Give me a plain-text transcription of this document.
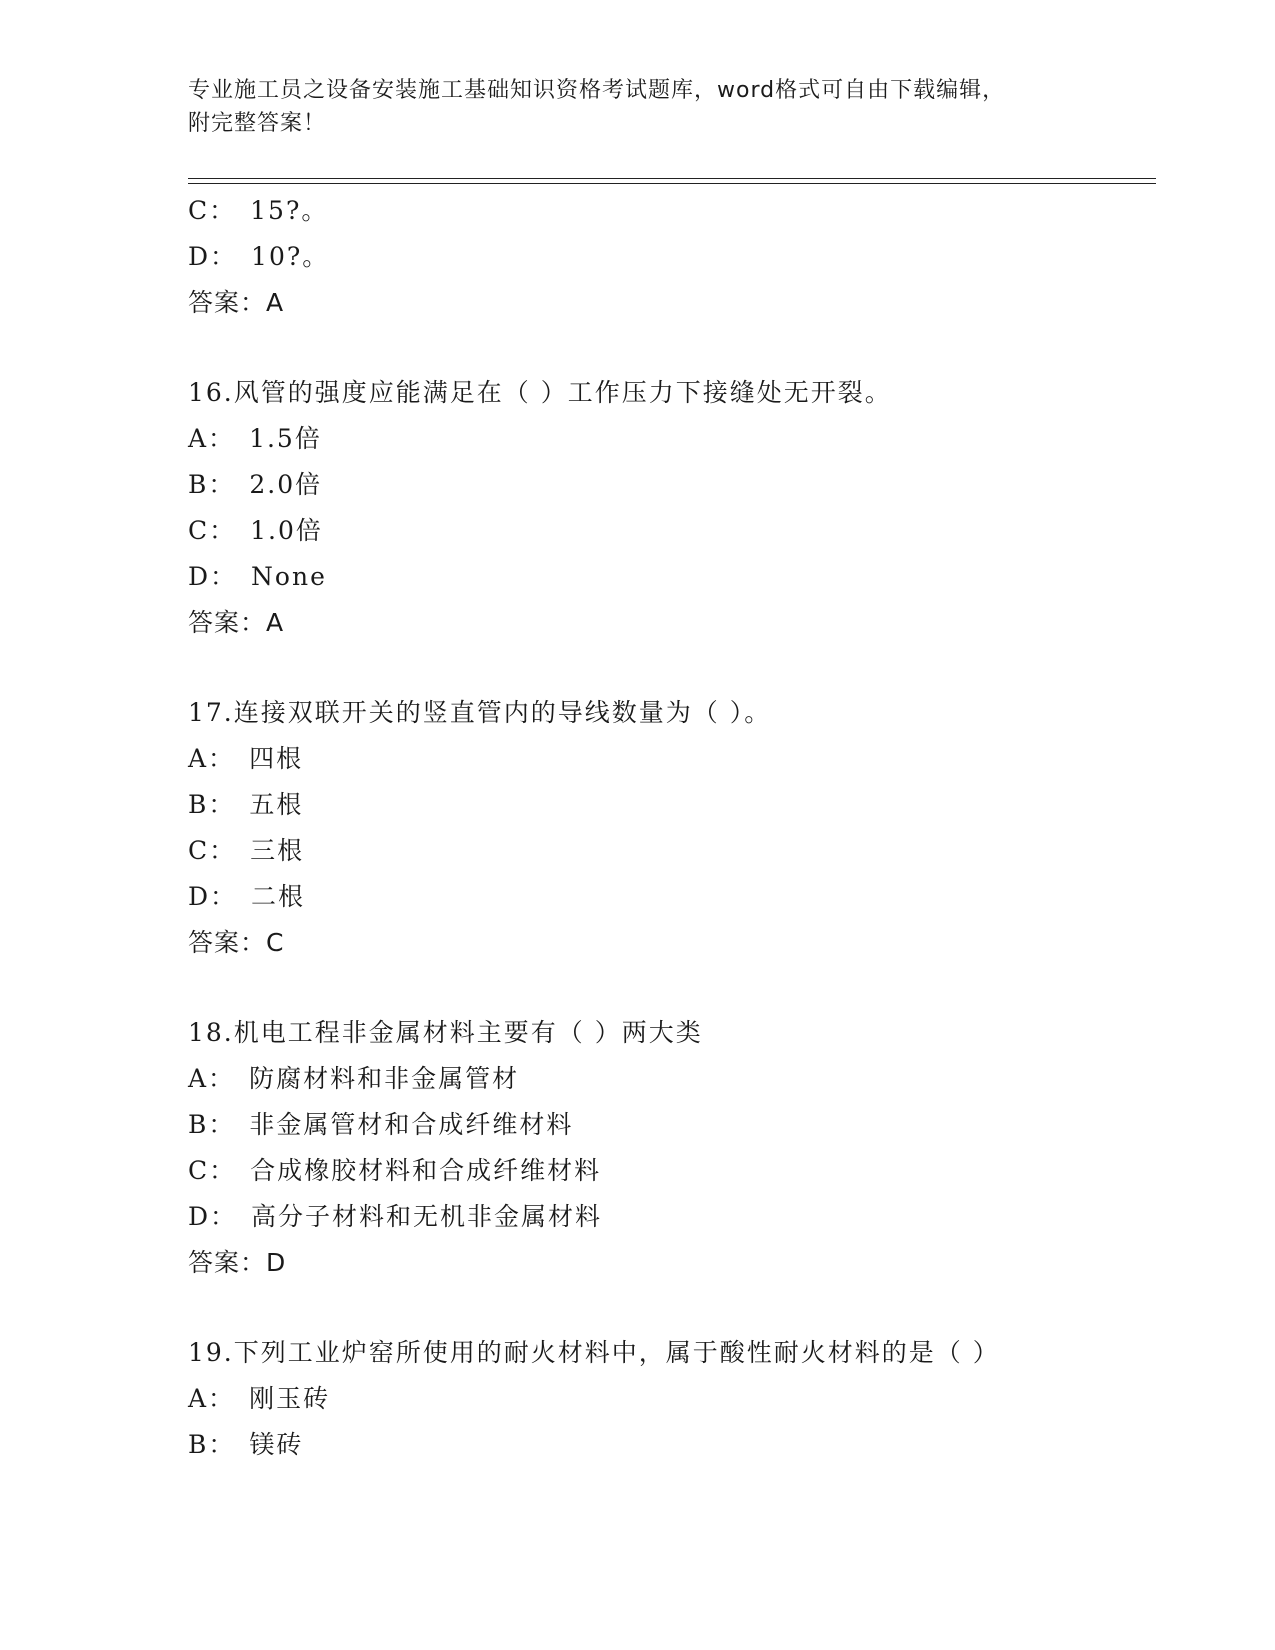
专业施工员之设备安装施工基础知识资格考试题库，word格式可自由下载编辑，
附完整答案！
C： 15?。
D： 10?。
答案：A
16.风管的强度应能满足在（ ）工作压力下接缝处无开裂。
A： 1.5倍
B： 2.0倍
C： 1.0倍
D： None
答案：A
17.连接双联开关的竖直管内的导线数量为（ ）。
A： 四根
B： 五根
C： 三根
D： 二根
答案：C
18.机电工程非金属材料主要有（ ）两大类
A： 防腐材料和非金属管材
B： 非金属管材和合成纤维材料
C： 合成橡胶材料和合成纤维材料
D： 高分子材料和无机非金属材料
答案：D
19.下列工业炉窑所使用的耐火材料中，属于酸性耐火材料的是（ ）
A： 刚玉砖
B： 镁砖
